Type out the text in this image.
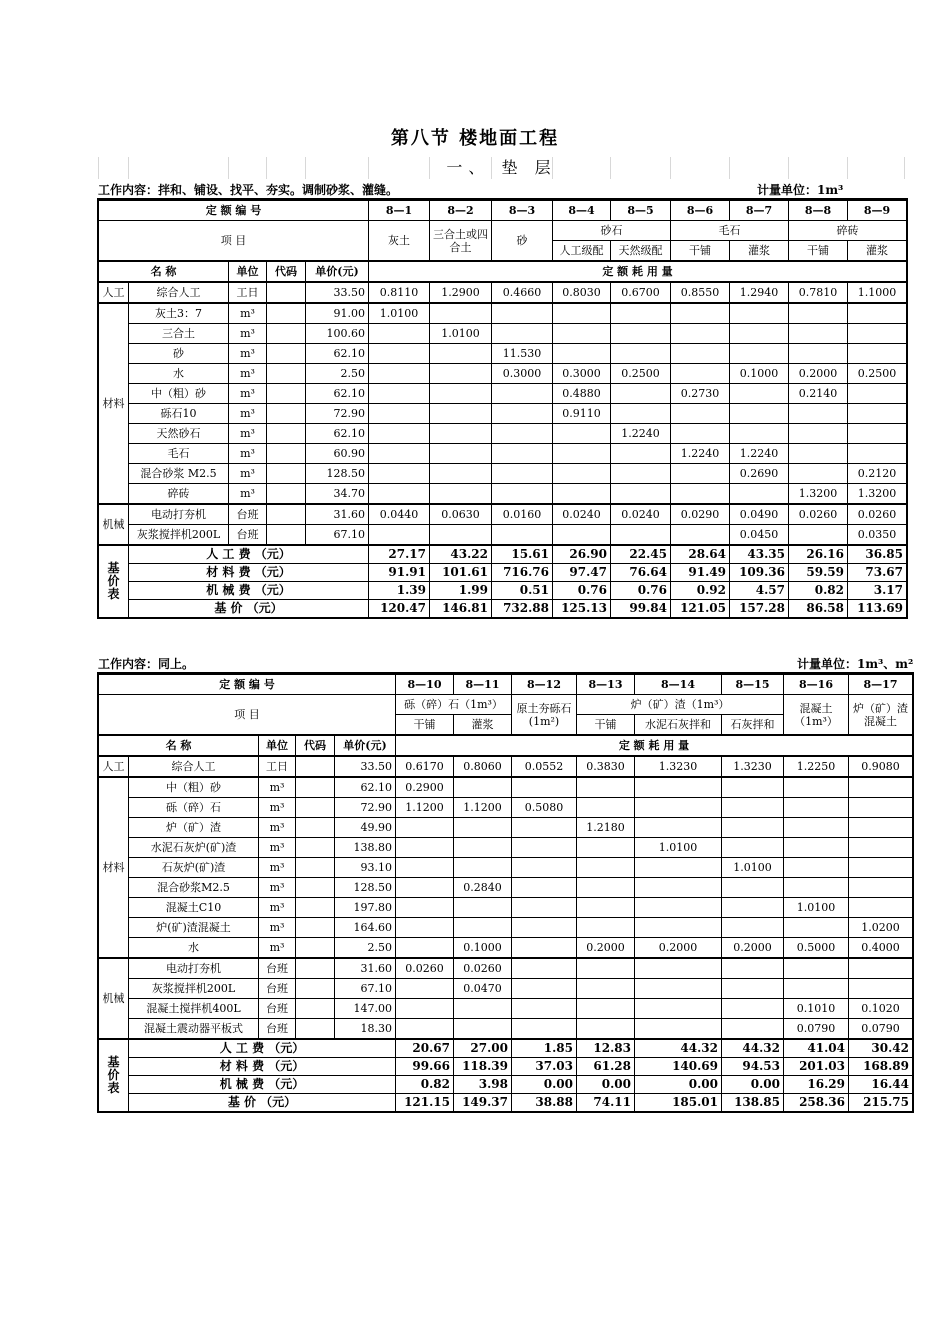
第八节 楼地面工程
一、 垫 层
工作内容：拌和、铺设、找平、夯实。调制砂浆、灌缝。	计量单位：1m³
定 额 编 号					8—1	8—2	8—3	8—4	8—5	8—6	8—7	8—8	8—9
项 目					灰土	三合土或四合土	砂	砂石		毛石		碎砖	
								人工级配	天然级配	干铺	灌浆	干铺	灌浆
名 称		单位	代码	单价(元)	定 额 耗 用 量								
人工	综合人工	工日		33.50	0.8110	1.2900	0.4660	0.8030	0.6700	0.8550	1.2940	0.7810	1.1000
材料	灰土3：7	m³		91.00	1.0100								
	三合土	m³		100.60		1.0100							
	砂	m³		62.10			11.530						
	水	m³		2.50			0.3000	0.3000	0.2500		0.1000	0.2000	0.2500
	中（粗）砂	m³		62.10				0.4880		0.2730		0.2140	
	砾石10	m³		72.90				0.9110					
	天然砂石	m³		62.10					1.2240				
	毛石	m³		60.90						1.2240	1.2240		
	混合砂浆 M2.5	m³		128.50							0.2690		0.2120
	碎砖	m³		34.70								1.3200	1.3200
机械	电动打夯机	台班		31.60	0.0440	0.0630	0.0160	0.0240	0.0240	0.0290	0.0490	0.0260	0.0260
	灰浆搅拌机200L	台班		67.10							0.0450		0.0350
基价表	人 工 费 （元）				27.17	43.22	15.61	26.90	22.45	28.64	43.35	26.16	36.85
	材 料 费 （元）				91.91	101.61	716.76	97.47	76.64	91.49	109.36	59.59	73.67
	机 械 费 （元）				1.39	1.99	0.51	0.76	0.76	0.92	4.57	0.82	3.17
	基 价 （元）				120.47	146.81	732.88	125.13	99.84	121.05	157.28	86.58	113.69
工作内容：同上。	计量单位：1m³、m²
定 额 编 号					8—10	8—11	8—12	8—13	8—14	8—15	8—16	8—17
项 目					砾（碎）石（1m³）		原土夯砾石(1m²)	炉（矿）渣（1m³）			混凝土（1m³）	炉（矿）渣混凝土
					干铺	灌浆		干铺	水泥石灰拌和	石灰拌和		
名 称		单位	代码	单价(元)	定 额 耗 用 量							
人工	综合人工	工日		33.50	0.6170	0.8060	0.0552	0.3830	1.3230	1.3230	1.2250	0.9080
材料	中（粗）砂	m³		62.10	0.2900							
	砾（碎）石	m³		72.90	1.1200	1.1200	0.5080					
	炉（矿）渣	m³		49.90				1.2180				
	水泥石灰炉(矿)渣	m³		138.80					1.0100			
	石灰炉(矿)渣	m³		93.10						1.0100		
	混合砂浆M2.5	m³		128.50		0.2840						
	混凝土C10	m³		197.80							1.0100	
	炉(矿)渣混凝土	m³		164.60								1.0200
	水	m³		2.50		0.1000		0.2000	0.2000	0.2000	0.5000	0.4000
机械	电动打夯机	台班		31.60	0.0260	0.0260						
	灰浆搅拌机200L	台班		67.10		0.0470						
	混凝土搅拌机400L	台班		147.00							0.1010	0.1020
	混凝土震动器平板式	台班		18.30							0.0790	0.0790
基价表	人 工 费 （元）				20.67	27.00	1.85	12.83	44.32	44.32	41.04	30.42
	材 料 费 （元）				99.66	118.39	37.03	61.28	140.69	94.53	201.03	168.89
	机 械 费 （元）				0.82	3.98	0.00	0.00	0.00	0.00	16.29	16.44
	基 价 （元）				121.15	149.37	38.88	74.11	185.01	138.85	258.36	215.75
